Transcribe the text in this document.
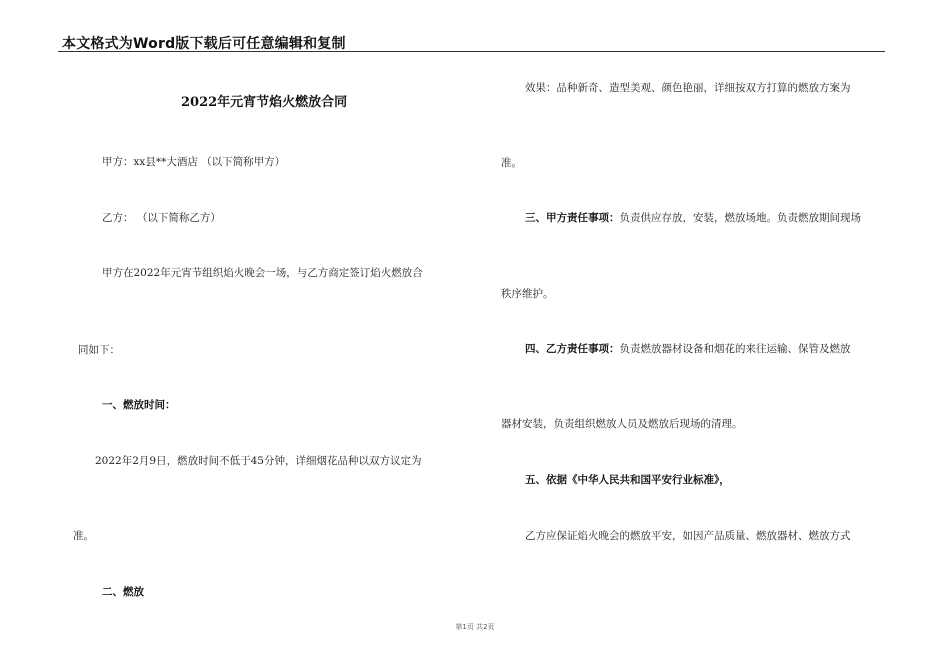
本文格式为Word版下载后可任意编辑和复制
2022年元宵节焰火燃放合同
甲方：xx县**大酒店 （以下简称甲方）
乙方： （以下简称乙方）
甲方在2022年元宵节组织焰火晚会一场，与乙方商定签订焰火燃放合
同如下：
一、燃放时间：
2022年2月9日，燃放时间不低于45分钟，详细烟花品种以双方议定为
准。
二、燃放
效果：品种新奇、造型美观、颜色艳丽，详细按双方打算的燃放方案为
准。
三、甲方责任事项：负责供应存放，安装，燃放场地。负责燃放期间现场
秩序维护。
四、乙方责任事项：负责燃放器材设备和烟花的来往运输、保管及燃放
器材安装，负责组织燃放人员及燃放后现场的清理。
五、依据《中华人民共和国平安行业标准》，
乙方应保证焰火晚会的燃放平安，如因产品质量、燃放器材、燃放方式
第1页 共2页
